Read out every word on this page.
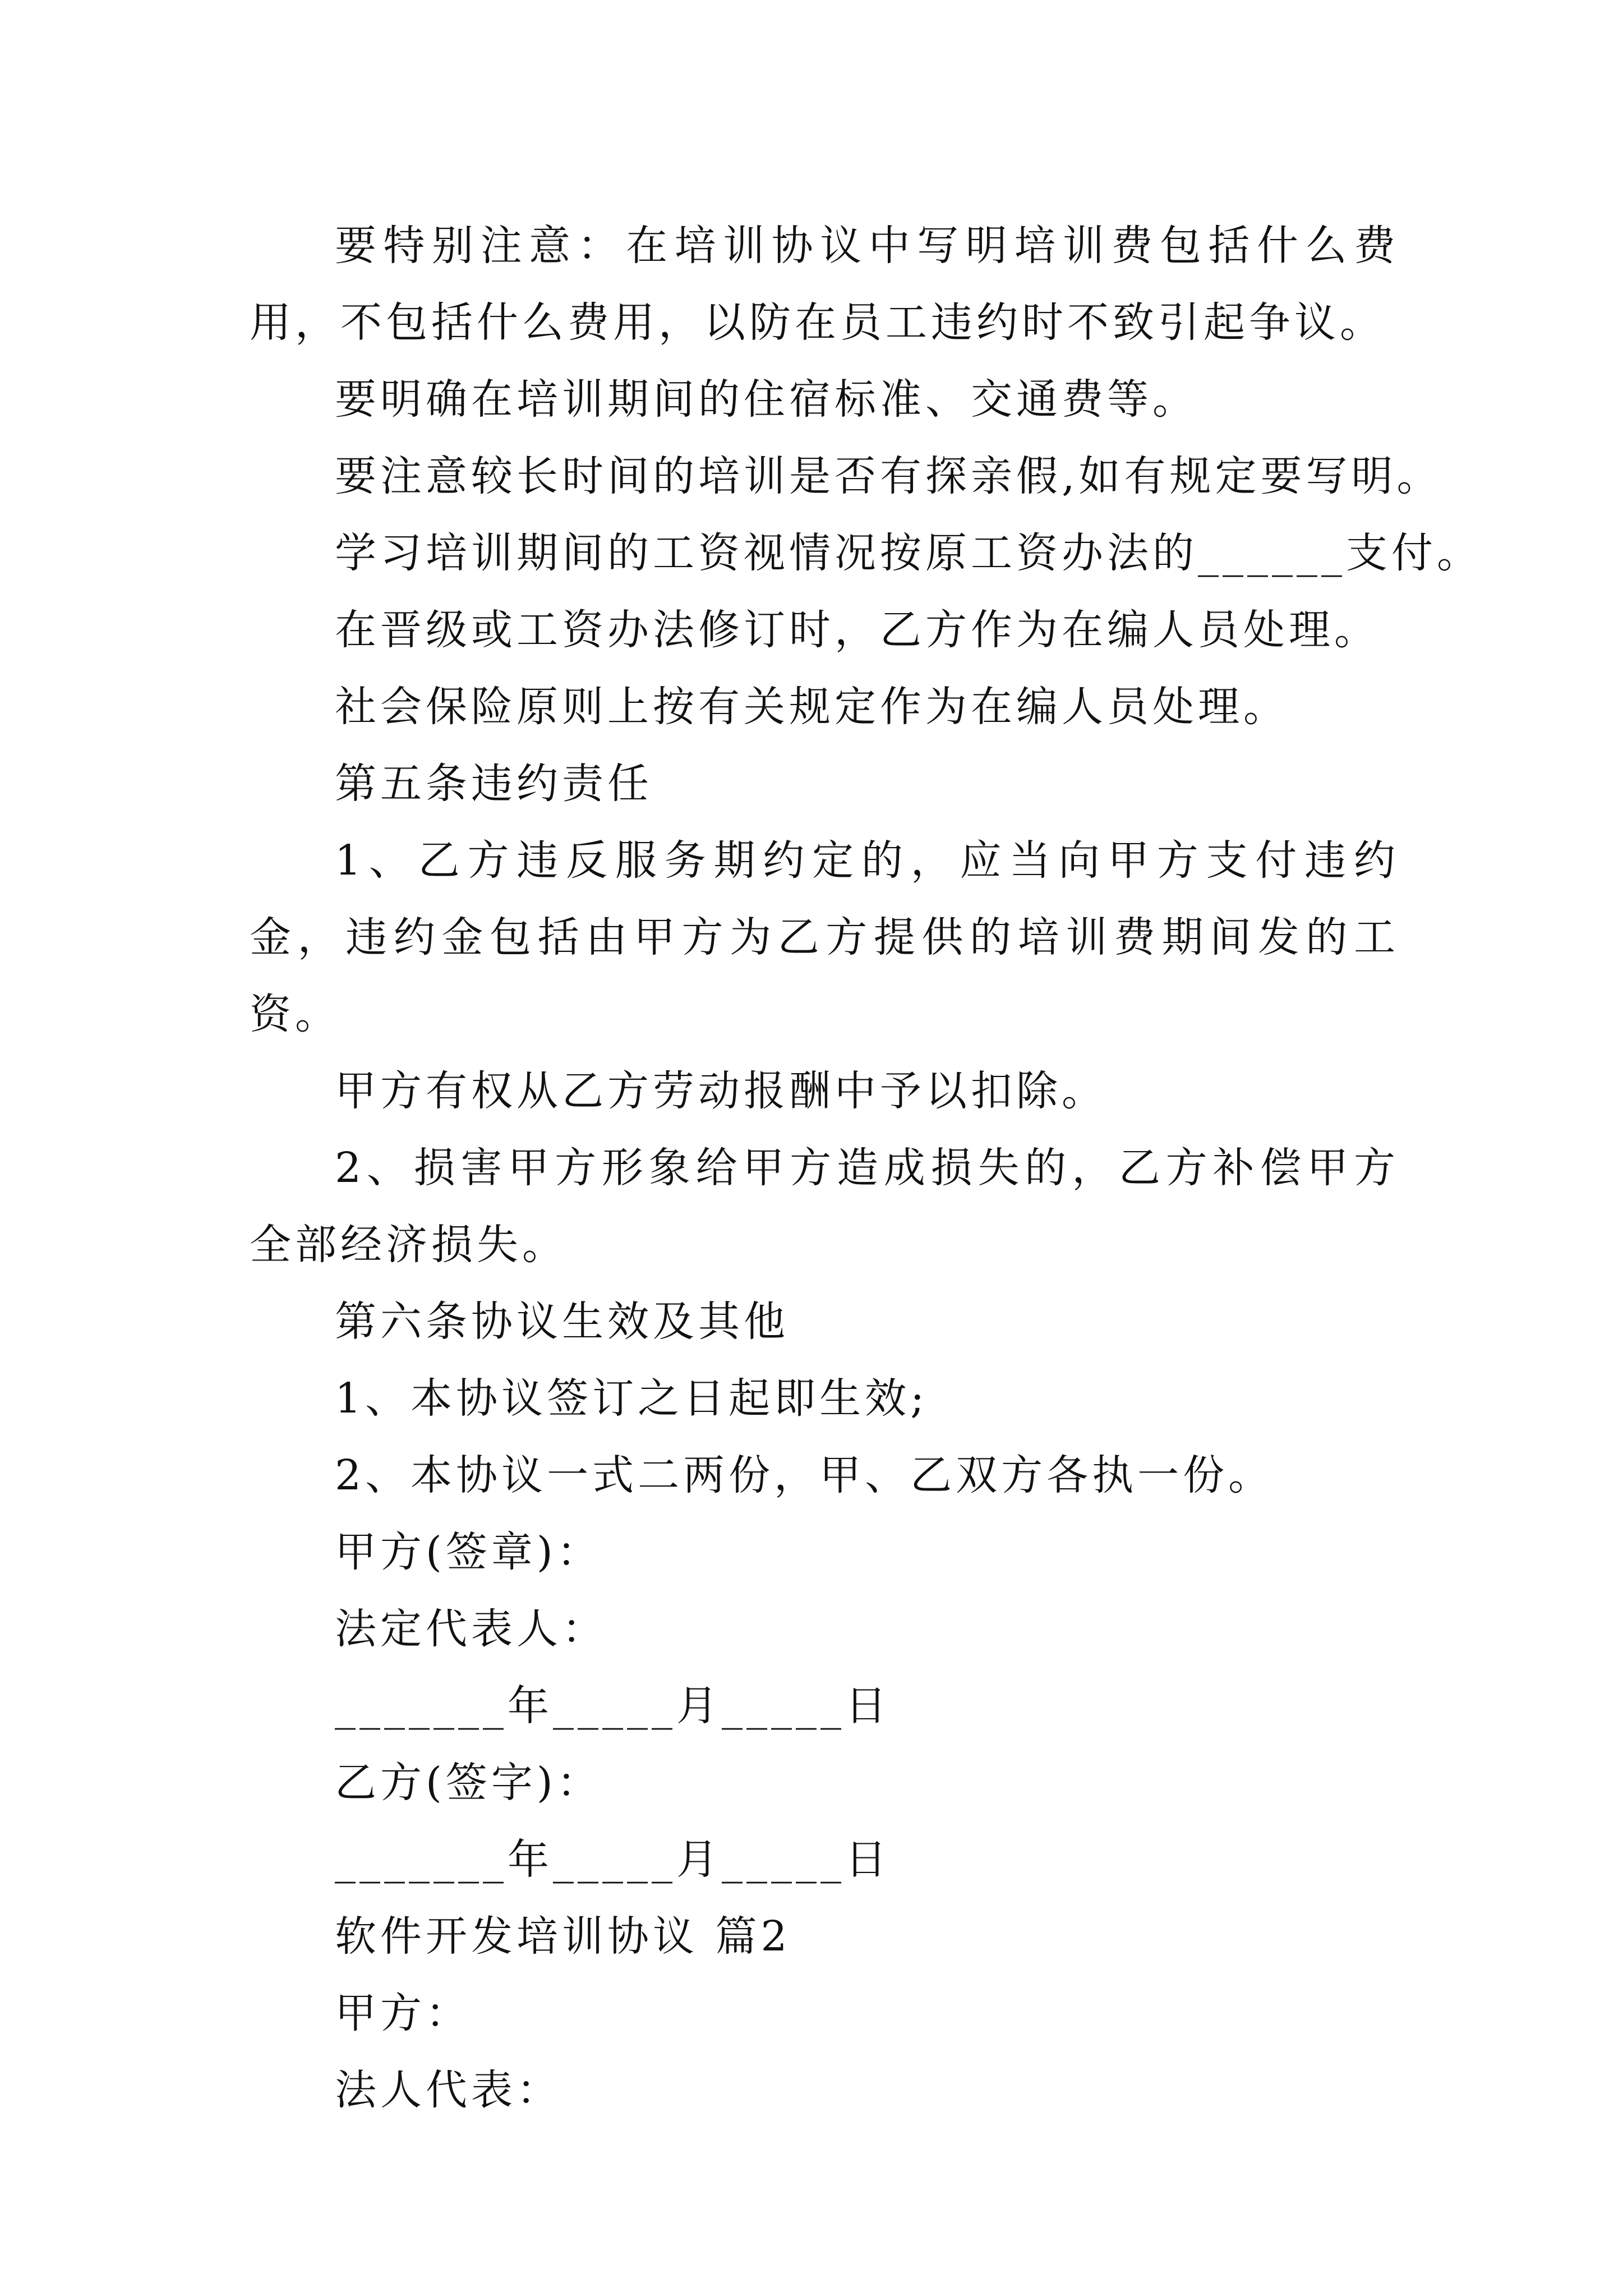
要特别注意：在培训协议中写明培训费包括什么费用，不包括什么费用，以防在员工违约时不致引起争议。

要明确在培训期间的住宿标准、交通费等。

要注意较长时间的培训是否有探亲假,如有规定要写明。

学习培训期间的工资视情况按原工资办法的______支付。

在晋级或工资办法修订时，乙方作为在编人员处理。

社会保险原则上按有关规定作为在编人员处理。

第五条违约责任

1、乙方违反服务期约定的，应当向甲方支付违约金，违约金包括由甲方为乙方提供的培训费期间发的工资。

甲方有权从乙方劳动报酬中予以扣除。

2、损害甲方形象给甲方造成损失的，乙方补偿甲方全部经济损失。

第六条协议生效及其他

1、本协议签订之日起即生效;

2、本协议一式二两份，甲、乙双方各执一份。

甲方(签章)：

法定代表人：

_______年_____月_____日

乙方(签字)：

_______年_____月_____日

软件开发培训协议 篇2

甲方：

法人代表：
